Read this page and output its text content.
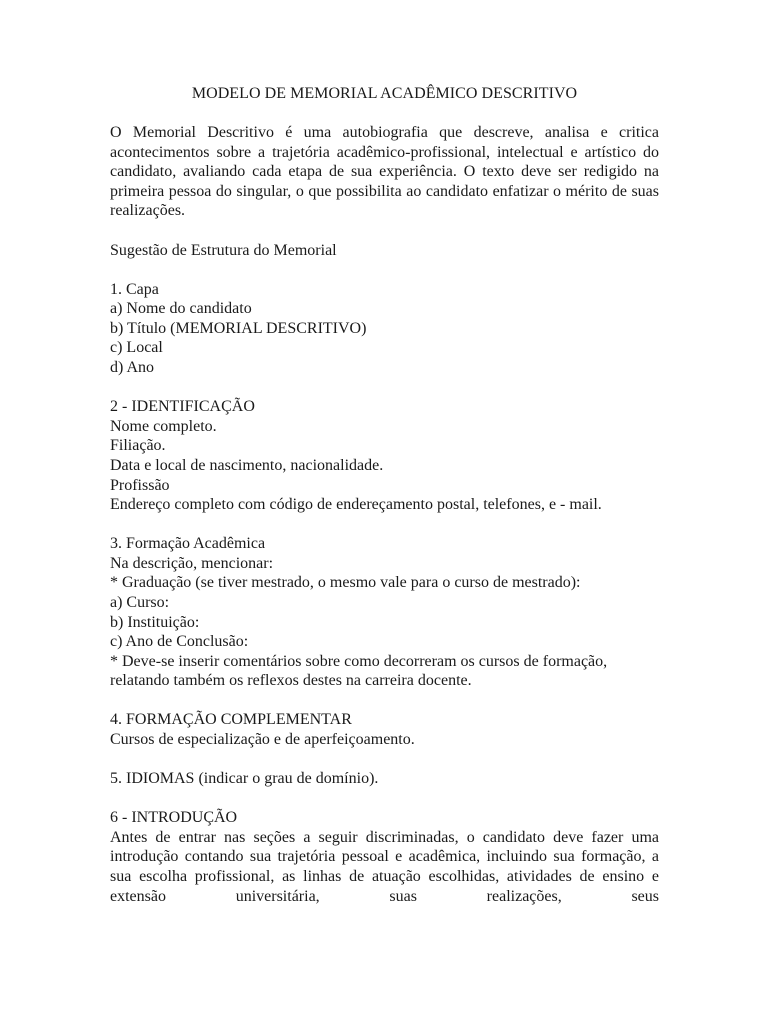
MODELO DE MEMORIAL ACADÊMICO DESCRITIVO

O Memorial Descritivo é uma autobiografia que descreve, analisa e critica acontecimentos sobre a trajetória acadêmico-profissional, intelectual e artístico do candidato, avaliando cada etapa de sua experiência. O texto deve ser redigido na primeira pessoa do singular, o que possibilita ao candidato enfatizar o mérito de suas realizações.

Sugestão de Estrutura do Memorial

1. Capa

a) Nome do candidato

b) Título (MEMORIAL DESCRITIVO)

c) Local

d) Ano

2 - IDENTIFICAÇÃO

Nome completo.

Filiação.

Data e local de nascimento, nacionalidade.

Profissão

Endereço completo com código de endereçamento postal, telefones, e - mail.

3. Formação Acadêmica

Na descrição, mencionar:

* Graduação (se tiver mestrado, o mesmo vale para o curso de mestrado):

a) Curso:

b) Instituição:

c) Ano de Conclusão:

* Deve-se inserir comentários sobre como decorreram os cursos de formação, relatando também os reflexos destes na carreira docente.

4. FORMAÇÃO COMPLEMENTAR

Cursos de especialização e de aperfeiçoamento.

5. IDIOMAS (indicar o grau de domínio).

6 - INTRODUÇÃO

Antes de entrar nas seções a seguir discriminadas, o candidato deve fazer uma introdução contando sua trajetória pessoal e acadêmica, incluindo sua formação, a sua escolha profissional, as linhas de atuação escolhidas, atividades de ensino e extensão universitária, suas realizações, seus
